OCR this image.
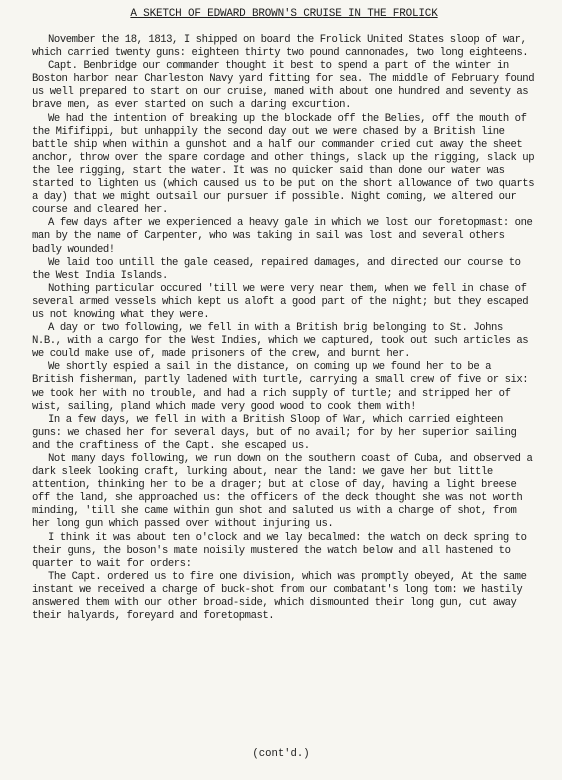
A SKETCH OF EDWARD BROWN'S CRUISE IN THE FROLICK

November the 18, 1813, I shipped on board the Frolick United States sloop of war, which carried twenty guns: eighteen thirty two pound cannonades, two long eighteens.

Capt. Benbridge our commander thought it best to spend a part of the winter in Boston harbor near Charleston Navy yard fitting for sea. The middle of February found us well prepared to start on our cruise, maned with about one hundred and seventy as brave men, as ever started on such a daring excurtion.

We had the intention of breaking up the blockade off the Belies, off the mouth of the Mififippi, but unhappily the second day out we were chased by a British line battle ship when within a gunshot and a half our commander cried cut away the sheet anchor, throw over the spare cordage and other things, slack up the rigging, slack up the lee rigging, start the water. It was no quicker said than done our water was started to lighten us (which caused us to be put on the short allowance of two quarts a day) that we might outsail our pursuer if possible. Night coming, we altered our course and cleared her.

A few days after we experienced a heavy gale in which we lost our foretopmast: one man by the name of Carpenter, who was taking in sail was lost and several others badly wounded!

We laid too untill the gale ceased, repaired damages, and directed our course to the West India Islands.

Nothing particular occured 'till we were very near them, when we fell in chase of several armed vessels which kept us aloft a good part of the night; but they escaped us not knowing what they were.

A day or two following, we fell in with a British brig belonging to St. Johns N.B., with a cargo for the West Indies, which we captured, took out such articles as we could make use of, made prisoners of the crew, and burnt her.

We shortly espied a sail in the distance, on coming up we found her to be a British fisherman, partly ladened with turtle, carrying a small crew of five or six: we took her with no trouble, and had a rich supply of turtle; and stripped her of wist, sailing, pland which made very good wood to cook them with!

In a few days, we fell in with a British Sloop of War, which carried eighteen guns: we chased her for several days, but of no avail; for by her superior sailing and the craftiness of the Capt. she escaped us.

Not many days following, we run down on the southern coast of Cuba, and observed a dark sleek looking craft, lurking about, near the land: we gave her but little attention, thinking her to be a drager; but at close of day, having a light breese off the land, she approached us: the officers of the deck thought she was not worth minding, 'till she came within gun shot and saluted us with a charge of shot, from her long gun which passed over without injuring us.

I think it was about ten o'clock and we lay becalmed: the watch on deck spring to their guns, the boson's mate noisily mustered the watch below and all hastened to quarter to wait for orders:

The Capt. ordered us to fire one division, which was promptly obeyed, At the same instant we received a charge of buck-shot from our combatant's long tom: we hastily answered them with our other broad-side, which dismounted their long gun, cut away their halyards, foreyard and foretopmast.

(cont'd.)
